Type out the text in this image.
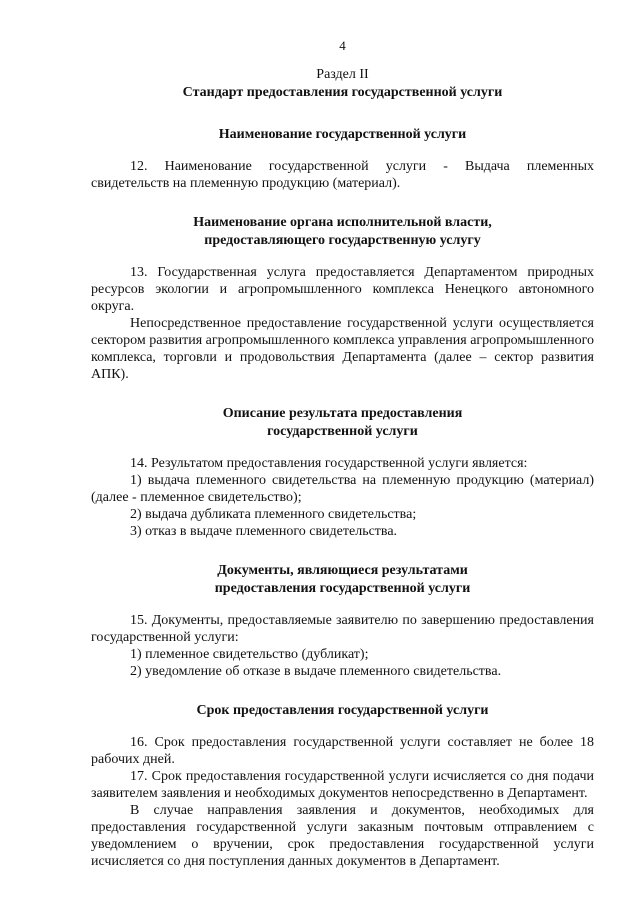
4
Раздел II
Стандарт предоставления государственной услуги
Наименование государственной услуги

12. Наименование государственной услуги - Выдача племенных свидетельств на племенную продукцию (материал).

Наименование органа исполнительной власти,
предоставляющего государственную услугу

13. Государственная услуга предоставляется Департаментом природных ресурсов экологии и агропромышленного комплекса Ненецкого автономного округа.

Непосредственное предоставление государственной услуги осуществляется сектором развития агропромышленного комплекса управления агропромышленного комплекса, торговли и продовольствия Департамента (далее – сектор развития АПК).

Описание результата предоставления
государственной услуги

14. Результатом предоставления государственной услуги является:

1) выдача племенного свидетельства на племенную продукцию (материал) (далее - племенное свидетельство);

2) выдача дубликата племенного свидетельства;

3) отказ в выдаче племенного свидетельства.

Документы, являющиеся результатами
предоставления государственной услуги

15. Документы, предоставляемые заявителю по завершению предоставления государственной услуги:

1) племенное свидетельство (дубликат);

2) уведомление об отказе в выдаче племенного свидетельства.

Срок предоставления государственной услуги

16. Срок предоставления государственной услуги составляет не более 18 рабочих дней.

17. Срок предоставления государственной услуги исчисляется со дня подачи заявителем заявления и необходимых документов непосредственно в Департамент.

В случае направления заявления и документов, необходимых для предоставления государственной услуги заказным почтовым отправлением с уведомлением о вручении, срок предоставления государственной услуги исчисляется со дня поступления данных документов в Департамент.
